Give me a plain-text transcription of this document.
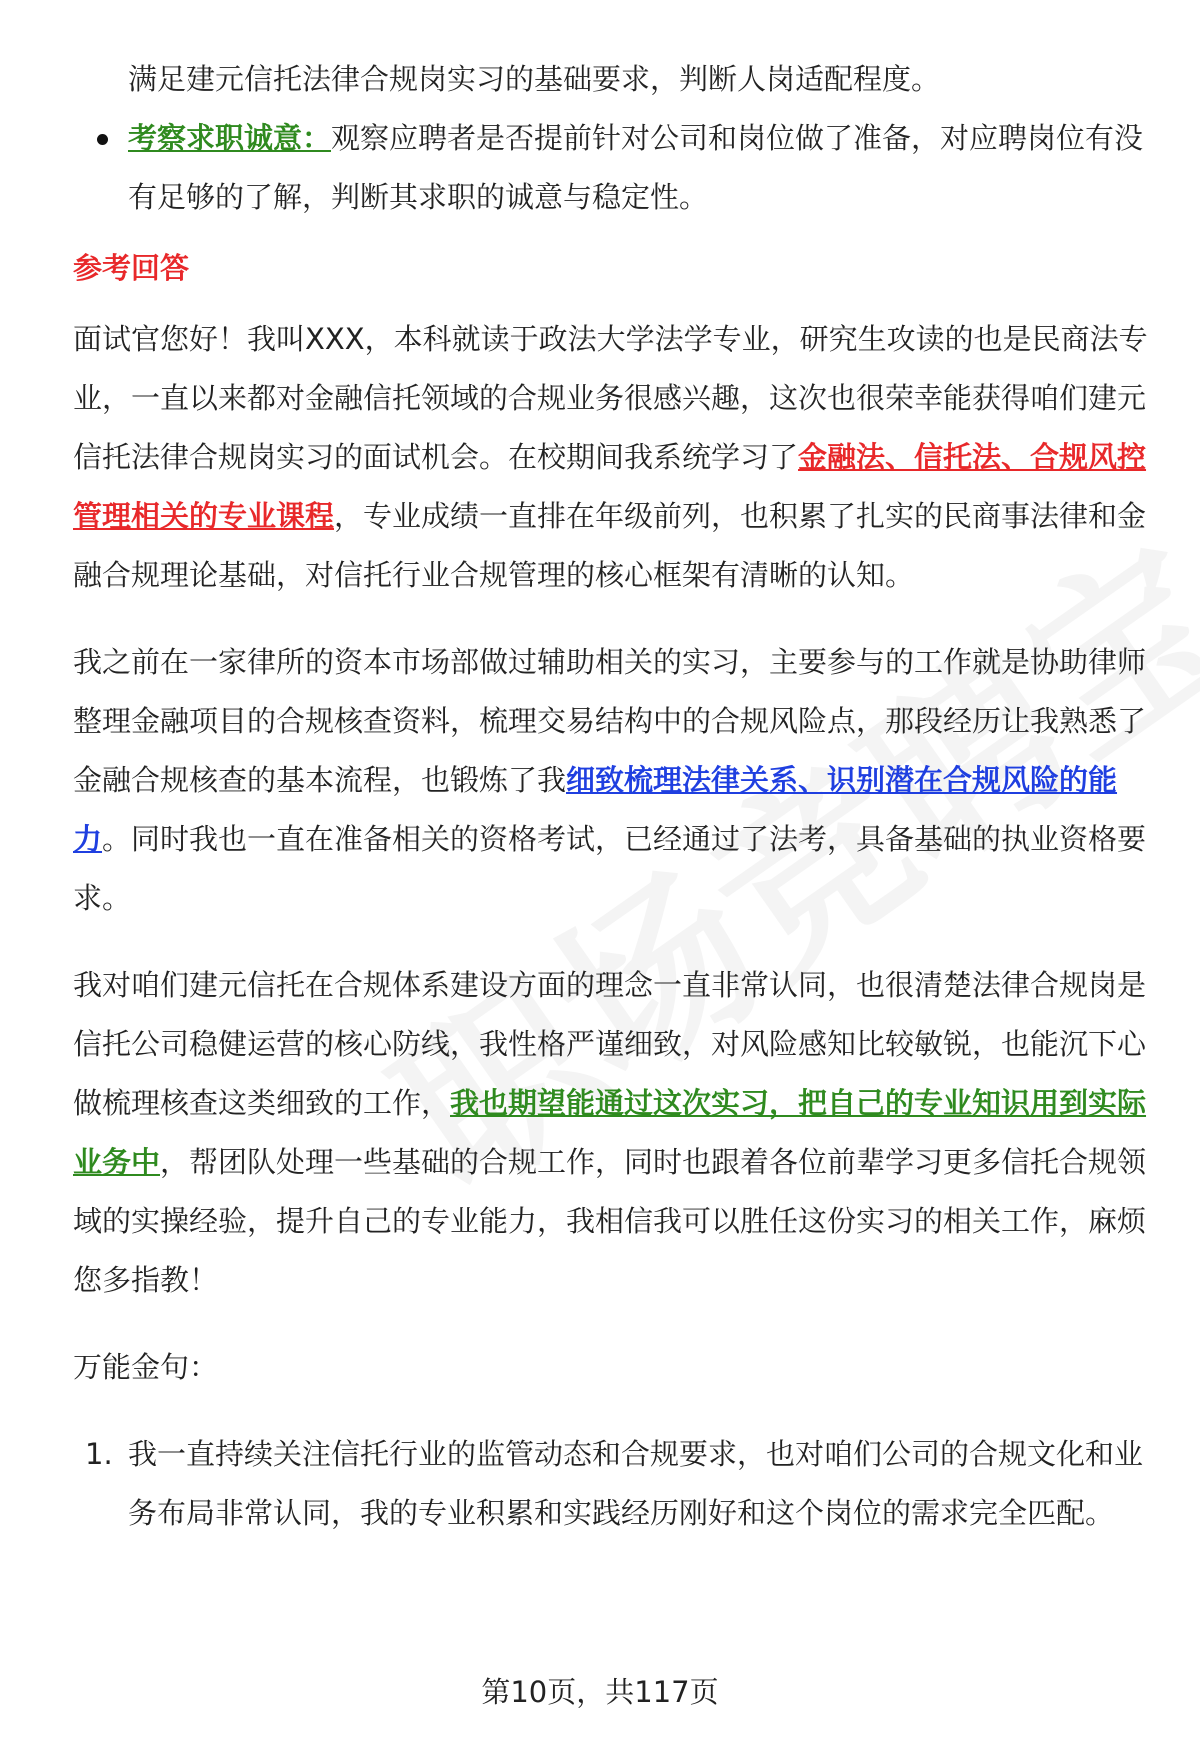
满足建元信托法律合规岗实习的基础要求，判断人岗适配程度。

考察求职诚意：观察应聘者是否提前针对公司和岗位做了准备，对应聘岗位有没有足够的了解，判断其求职的诚意与稳定性。

参考回答

面试官您好！我叫XXX，本科就读于政法大学法学专业，研究生攻读的也是民商法专业，一直以来都对金融信托领域的合规业务很感兴趣，这次也很荣幸能获得咱们建元信托法律合规岗实习的面试机会。在校期间我系统学习了金融法、信托法、合规风控管理相关的专业课程，专业成绩一直排在年级前列，也积累了扎实的民商事法律和金融合规理论基础，对信托行业合规管理的核心框架有清晰的认知。

我之前在一家律所的资本市场部做过辅助相关的实习，主要参与的工作就是协助律师整理金融项目的合规核查资料，梳理交易结构中的合规风险点，那段经历让我熟悉了金融合规核查的基本流程，也锻炼了我细致梳理法律关系、识别潜在合规风险的能力。同时我也一直在准备相关的资格考试，已经通过了法考，具备基础的执业资格要求。

我对咱们建元信托在合规体系建设方面的理念一直非常认同，也很清楚法律合规岗是信托公司稳健运营的核心防线，我性格严谨细致，对风险感知比较敏锐，也能沉下心做梳理核查这类细致的工作，我也期望能通过这次实习，把自己的专业知识用到实际业务中，帮团队处理一些基础的合规工作，同时也跟着各位前辈学习更多信托合规领域的实操经验，提升自己的专业能力，我相信我可以胜任这份实习的相关工作，麻烦您多指教！

万能金句：

1. 我一直持续关注信托行业的监管动态和合规要求，也对咱们公司的合规文化和业务布局非常认同，我的专业积累和实践经历刚好和这个岗位的需求完全匹配。
第10页，共117页
